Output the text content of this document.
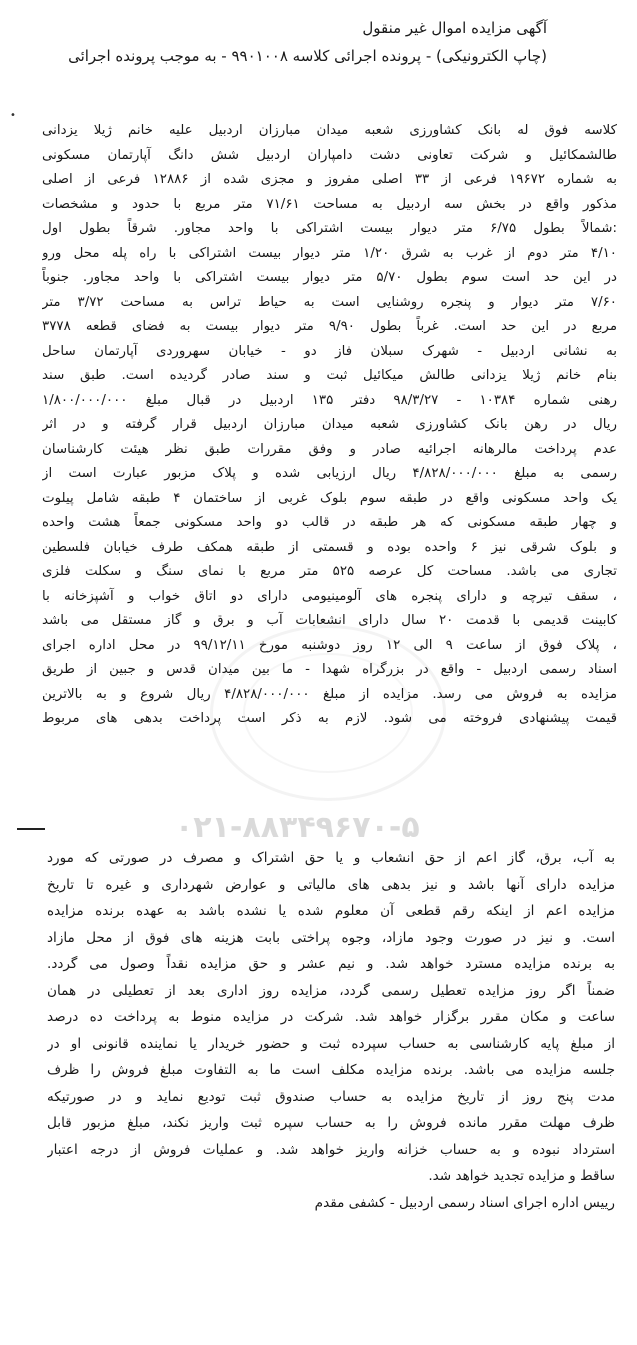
آگهی مزایده اموال غیر منقول
(چاپ الکترونیکی) - پرونده اجرائی کلاسه ۹۹۰۱۰۰۸ - به موجب پرونده اجرائی
•
کلاسه فوق له بانک کشاورزی شعبه میدان مبارزان اردبیل علیه خانم ژیلا یزدانی
طالشمکائیل و شرکت تعاونی دشت دامپاران اردبیل شش دانگ آپارتمان مسکونی
به شماره ۱۹۶۷۲ فرعی از ۳۳ اصلی مفروز و مجزی شده از ۱۲۸۸۶ فرعی از اصلی
مذکور واقع در بخش سه اردبیل به مساحت ۷۱/۶۱ متر مربع با حدود و مشخصات
:شمالاً بطول ۶/۷۵ متر دیوار بیست اشتراکی با واحد مجاور. شرقاً بطول اول
۴/۱۰ متر دوم از غرب به شرق ۱/۲۰ متر دیوار بیست اشتراکی با راه پله محل ورو
در این حد است سوم بطول ۵/۷۰ متر دیوار بیست اشتراکی با واحد مجاور. جنوباً
۷/۶۰ متر دیوار و پنجره روشنایی است به حیاط تراس به مساحت ۳/۷۲ متر
مربع در این حد است. غرباً بطول ۹/۹۰ متر دیوار بیست به فضای قطعه ۳۷۷۸
به نشانی اردبیل - شهرک سبلان فاز دو - خیابان سهروردی آپارتمان ساحل
بنام خانم ژیلا یزدانی طالش میکائیل ثبت و سند صادر گردیده است. طبق سند
رهنی شماره ۱۰۳۸۴ - ۹۸/۳/۲۷ دفتر ۱۳۵ اردبیل در قبال مبلغ ۱/۸۰۰/۰۰۰/۰۰۰
ریال در رهن بانک کشاورزی شعبه میدان مبارزان اردبیل قرار گرفته و در اثر
عدم پرداخت مالرهانه اجرائیه صادر و وفق مقررات طبق نظر هیئت کارشناسان
رسمی به مبلغ ۴/۸۲۸/۰۰۰/۰۰۰ ریال ارزیابی شده و پلاک مزبور عبارت است از
یک واحد مسکونی واقع در طبقه سوم بلوک غربی از ساختمان ۴ طبقه شامل پیلوت
و چهار طبقه مسکونی که هر طبقه در قالب دو واحد مسکونی جمعاً هشت واحده
و بلوک شرقی نیز ۶ واحده بوده و قسمتی از طبقه همکف طرف خیابان فلسطین
تجاری می باشد. مساحت کل عرصه ۵۲۵ متر مربع با نمای سنگ و سکلت فلزی
، سقف تیرچه و دارای پنجره های آلومینیومی دارای دو اتاق خواب و آشپزخانه با
کابینت قدیمی با قدمت ۲۰ سال دارای انشعابات آب و برق و گاز مستقل می باشد
، پلاک فوق از ساعت ۹ الی ۱۲ روز دوشنبه مورخ ۹۹/۱۲/۱۱ در محل اداره اجرای
اسناد رسمی اردبیل - واقع در بزرگراه شهدا - ما بین میدان قدس و جبین از طریق
مزایده به فروش می رسد. مزایده از مبلغ ۴/۸۲۸/۰۰۰/۰۰۰ ریال شروع و به بالاترین
قیمت پیشنهادی فروخته می شود. لازم به ذکر است پرداخت بدهی های مربوط
۰۲۱-۸۸۳۴۹۶۷۰-۵
به آب، برق، گاز اعم از حق انشعاب و یا حق اشتراک و مصرف در صورتی که مورد
مزایده دارای آنها باشد و نیز بدهی های مالیاتی و عوارض شهرداری و غیره تا تاریخ
مزایده اعم از اینکه رقم قطعی آن معلوم شده یا نشده باشد به عهده برنده مزایده
است. و نیز در صورت وجود مازاد، وجوه پراختی بابت هزینه های فوق از محل مازاد
به برنده مزایده مسترد خواهد شد. و نیم عشر و حق مزایده نقداً وصول می گردد.
ضمناً اگر روز مزایده تعطیل رسمی گردد، مزایده روز اداری بعد از تعطیلی در همان
ساعت و مکان مقرر برگزار خواهد شد. شرکت در مزایده منوط به پرداخت ده درصد
از مبلغ پایه کارشناسی به حساب سپرده ثبت و حضور خریدار یا نماینده قانونی او در
جلسه مزایده می باشد. برنده مزایده مکلف است ما به التفاوت مبلغ فروش را ظرف
مدت پنج روز از تاریخ مزایده به حساب صندوق ثبت تودیع نماید و در صورتیکه
ظرف مهلت مقرر مانده فروش را به حساب سپره ثبت واریز نکند، مبلغ مزبور قابل
استرداد نبوده و به حساب خزانه واریز خواهد شد. و عملیات فروش از درجه اعتبار
ساقط و مزایده تجدید خواهد شد.
رییس اداره اجرای اسناد رسمی اردبیل - کشفی مقدم
